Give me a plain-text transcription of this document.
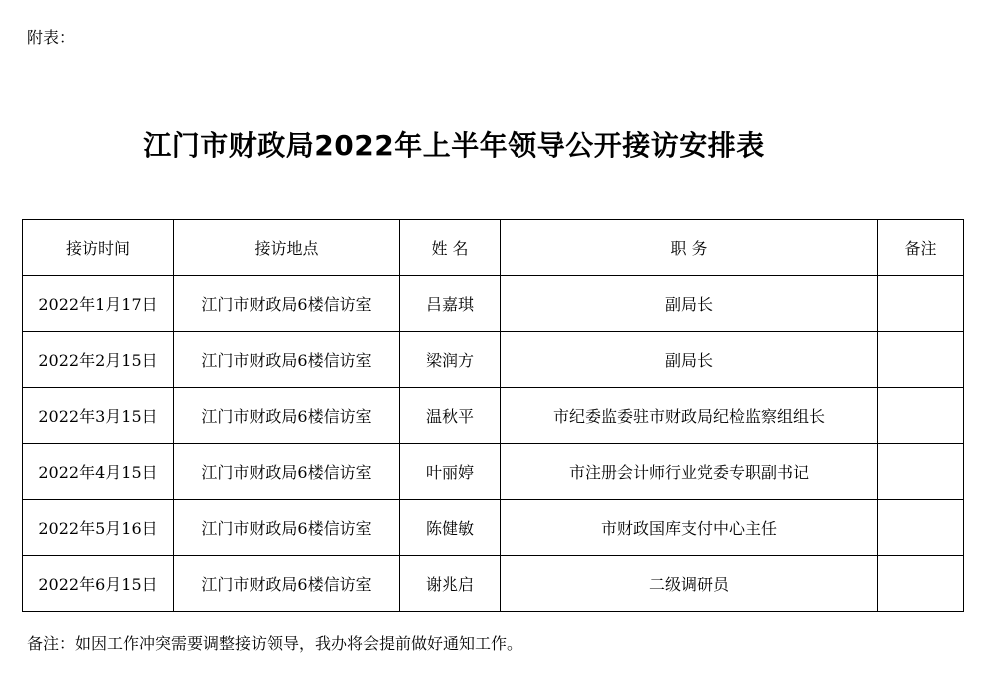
附表：
江门市财政局2022年上半年领导公开接访安排表
接访时间	接访地点	姓 名	职 务	备注
2022年1月17日	江门市财政局6楼信访室	吕嘉琪	副局长	
2022年2月15日	江门市财政局6楼信访室	梁润方	副局长	
2022年3月15日	江门市财政局6楼信访室	温秋平	市纪委监委驻市财政局纪检监察组组长	
2022年4月15日	江门市财政局6楼信访室	叶丽婷	市注册会计师行业党委专职副书记	
2022年5月16日	江门市财政局6楼信访室	陈健敏	市财政国库支付中心主任	
2022年6月15日	江门市财政局6楼信访室	谢兆启	二级调研员	
备注：如因工作冲突需要调整接访领导，我办将会提前做好通知工作。
